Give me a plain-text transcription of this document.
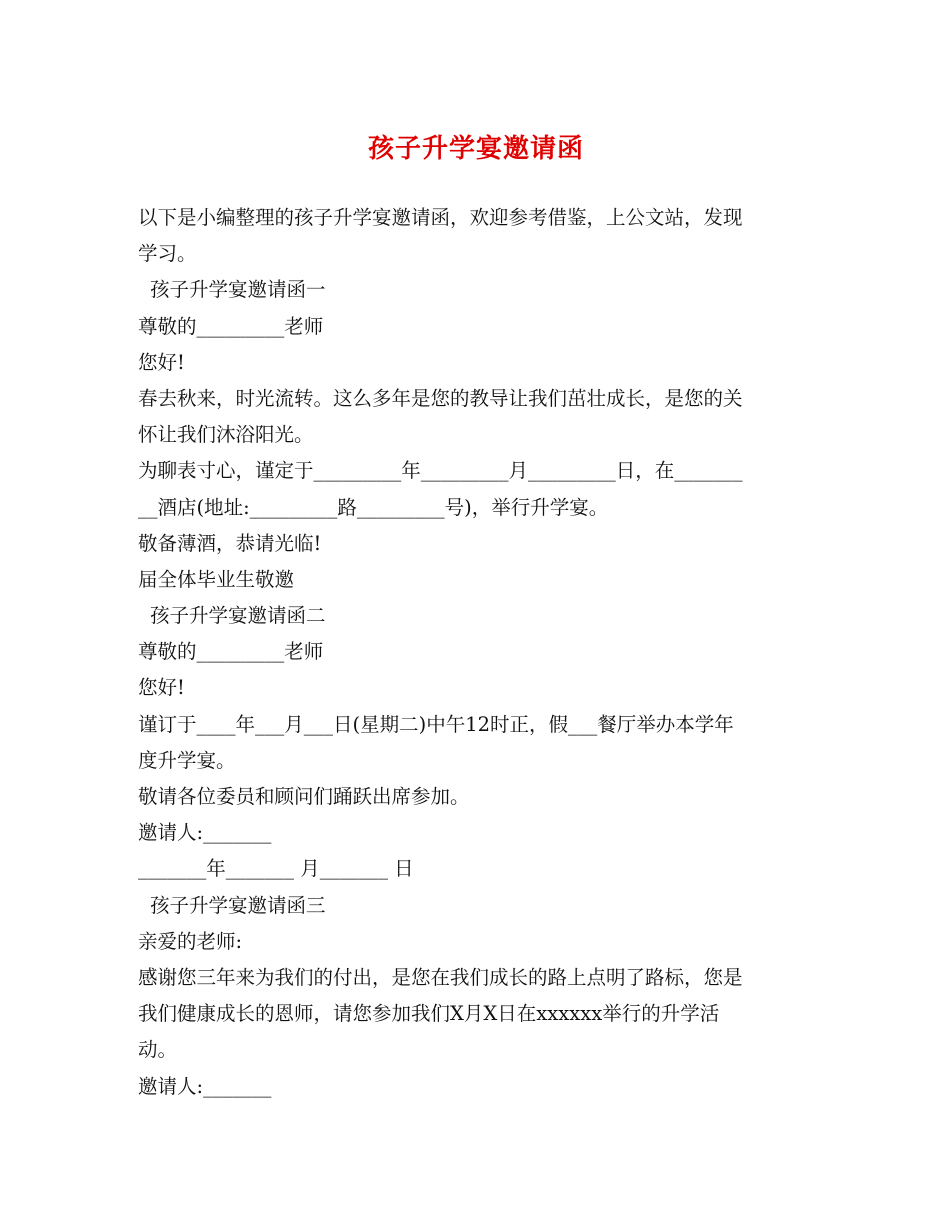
孩子升学宴邀请函
以下是小编整理的孩子升学宴邀请函，欢迎参考借鉴，上公文站，发现
学习。
孩子升学宴邀请函一
尊敬的_________老师
您好!
春去秋来，时光流转。这么多年是您的教导让我们茁壮成长，是您的关
怀让我们沐浴阳光。
为聊表寸心，谨定于_________年_________月_________日，在_______
__酒店(地址:_________路_________号)，举行升学宴。
敬备薄酒，恭请光临!
届全体毕业生敬邀
孩子升学宴邀请函二
尊敬的_________老师
您好!
谨订于____年___月___日(星期二)中午12时正，假___餐厅举办本学年
度升学宴。
敬请各位委员和顾问们踊跃出席参加。
邀请人:_______
_______年_______ 月_______ 日
孩子升学宴邀请函三
亲爱的老师:
感谢您三年来为我们的付出，是您在我们成长的路上点明了路标，您是
我们健康成长的恩师，请您参加我们X月X日在xxxxxx举行的升学活
动。
邀请人:_______
